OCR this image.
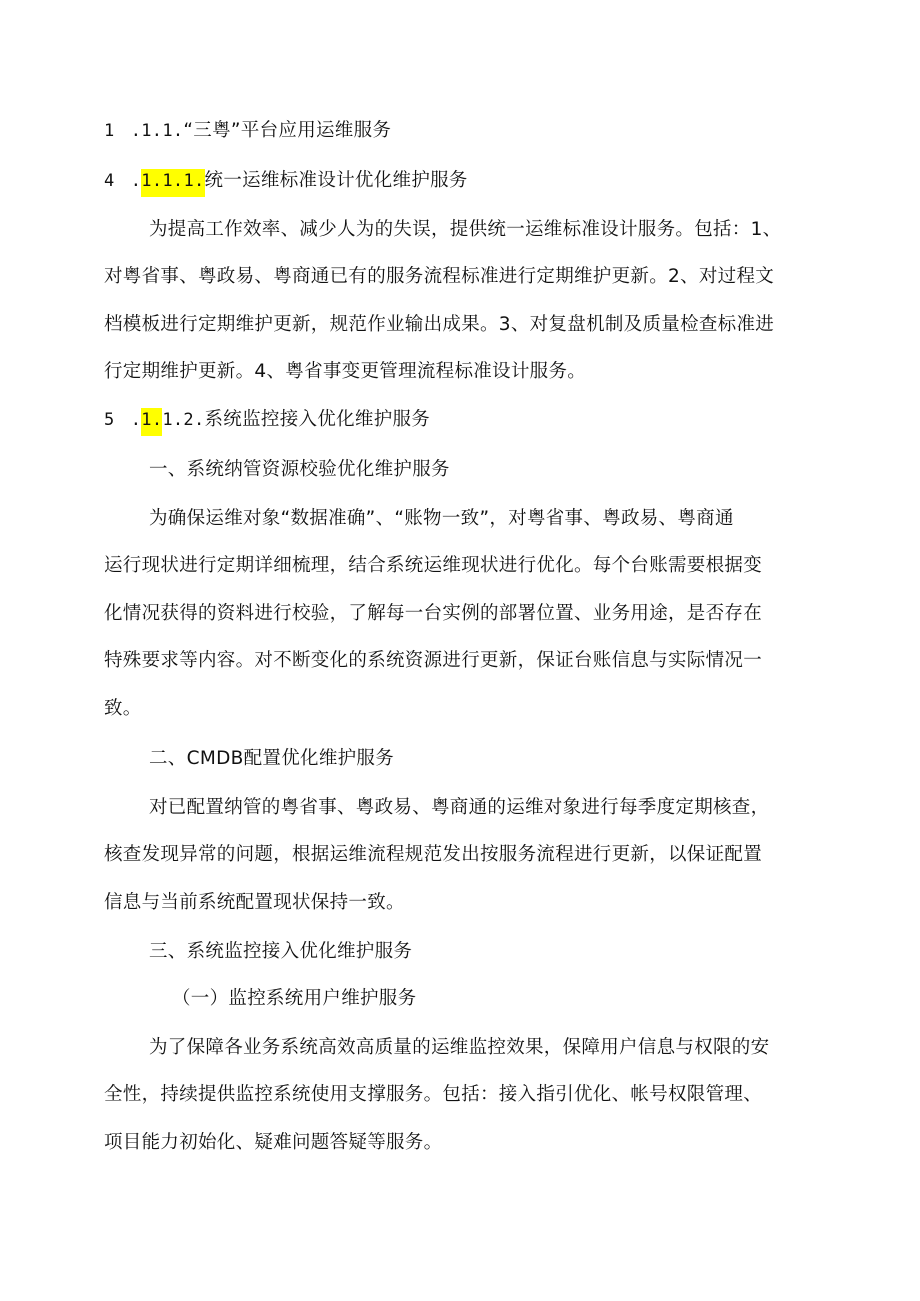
1 .1.1.“三粤”平台应用运维服务
4 .1.1.1.统一运维标准设计优化维护服务
为提高工作效率、减少人为的失误，提供统一运维标准设计服务。包括：1、
对粤省事、粤政易、粤商通已有的服务流程标准进行定期维护更新。2、对过程文
档模板进行定期维护更新，规范作业输出成果。3、对复盘机制及质量检查标准进
行定期维护更新。4、粤省事变更管理流程标准设计服务。
5 .1.1.2.系统监控接入优化维护服务
一、系统纳管资源校验优化维护服务
为确保运维对象“数据准确”、“账物一致”，对粤省事、粤政易、粤商通
运行现状进行定期详细梳理，结合系统运维现状进行优化。每个台账需要根据变
化情况获得的资料进行校验，了解每一台实例的部署位置、业务用途，是否存在
特殊要求等内容。对不断变化的系统资源进行更新，保证台账信息与实际情况一
致。
二、CMDB配置优化维护服务
对已配置纳管的粤省事、粤政易、粤商通的运维对象进行每季度定期核查，
核查发现异常的问题，根据运维流程规范发出按服务流程进行更新，以保证配置
信息与当前系统配置现状保持一致。
三、系统监控接入优化维护服务
（一）监控系统用户维护服务
为了保障各业务系统高效高质量的运维监控效果，保障用户信息与权限的安
全性，持续提供监控系统使用支撑服务。包括：接入指引优化、帐号权限管理、
项目能力初始化、疑难问题答疑等服务。
